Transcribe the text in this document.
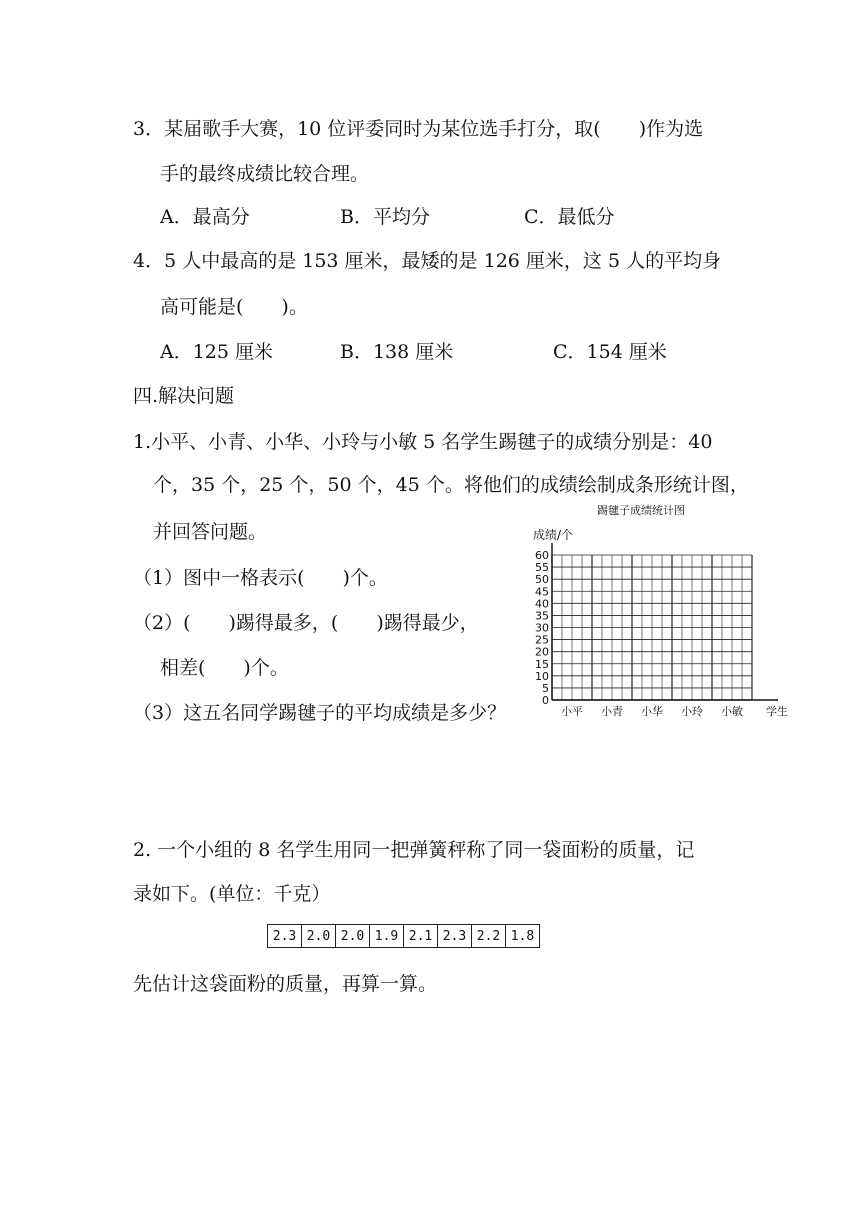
3．某届歌手大赛，10 位评委同时为某位选手打分，取(　　)作为选
手的最终成绩比较合理。
A．最高分	B．平均分	C．最低分
4．5 人中最高的是 153 厘米，最矮的是 126 厘米，这 5 人的平均身
高可能是(　　)。
A．125 厘米	B．138 厘米	C．154 厘米
四.解决问题
1.小平、小青、小华、小玲与小敏 5 名学生踢毽子的成绩分别是：40
个，35 个，25 个，50 个，45 个。将他们的成绩绘制成条形统计图，
并回答问题。
（1）图中一格表示(　　)个。
（2）(　　)踢得最多，(　　)踢得最少，
相差(　　)个。
（3）这五名同学踢毽子的平均成绩是多少？
踢毽子成绩统计图
成绩/个
0
5
10
15
20
25
30
35
40
45
50
55
60
小平 小青 小华 小玲 小敏 学生
2. 一个小组的 8 名学生用同一把弹簧秤称了同一袋面粉的质量，记
录如下。(单位：千克）
2.3	2.0	2.0	1.9	2.1	2.3	2.2	1.8
先估计这袋面粉的质量，再算一算。
